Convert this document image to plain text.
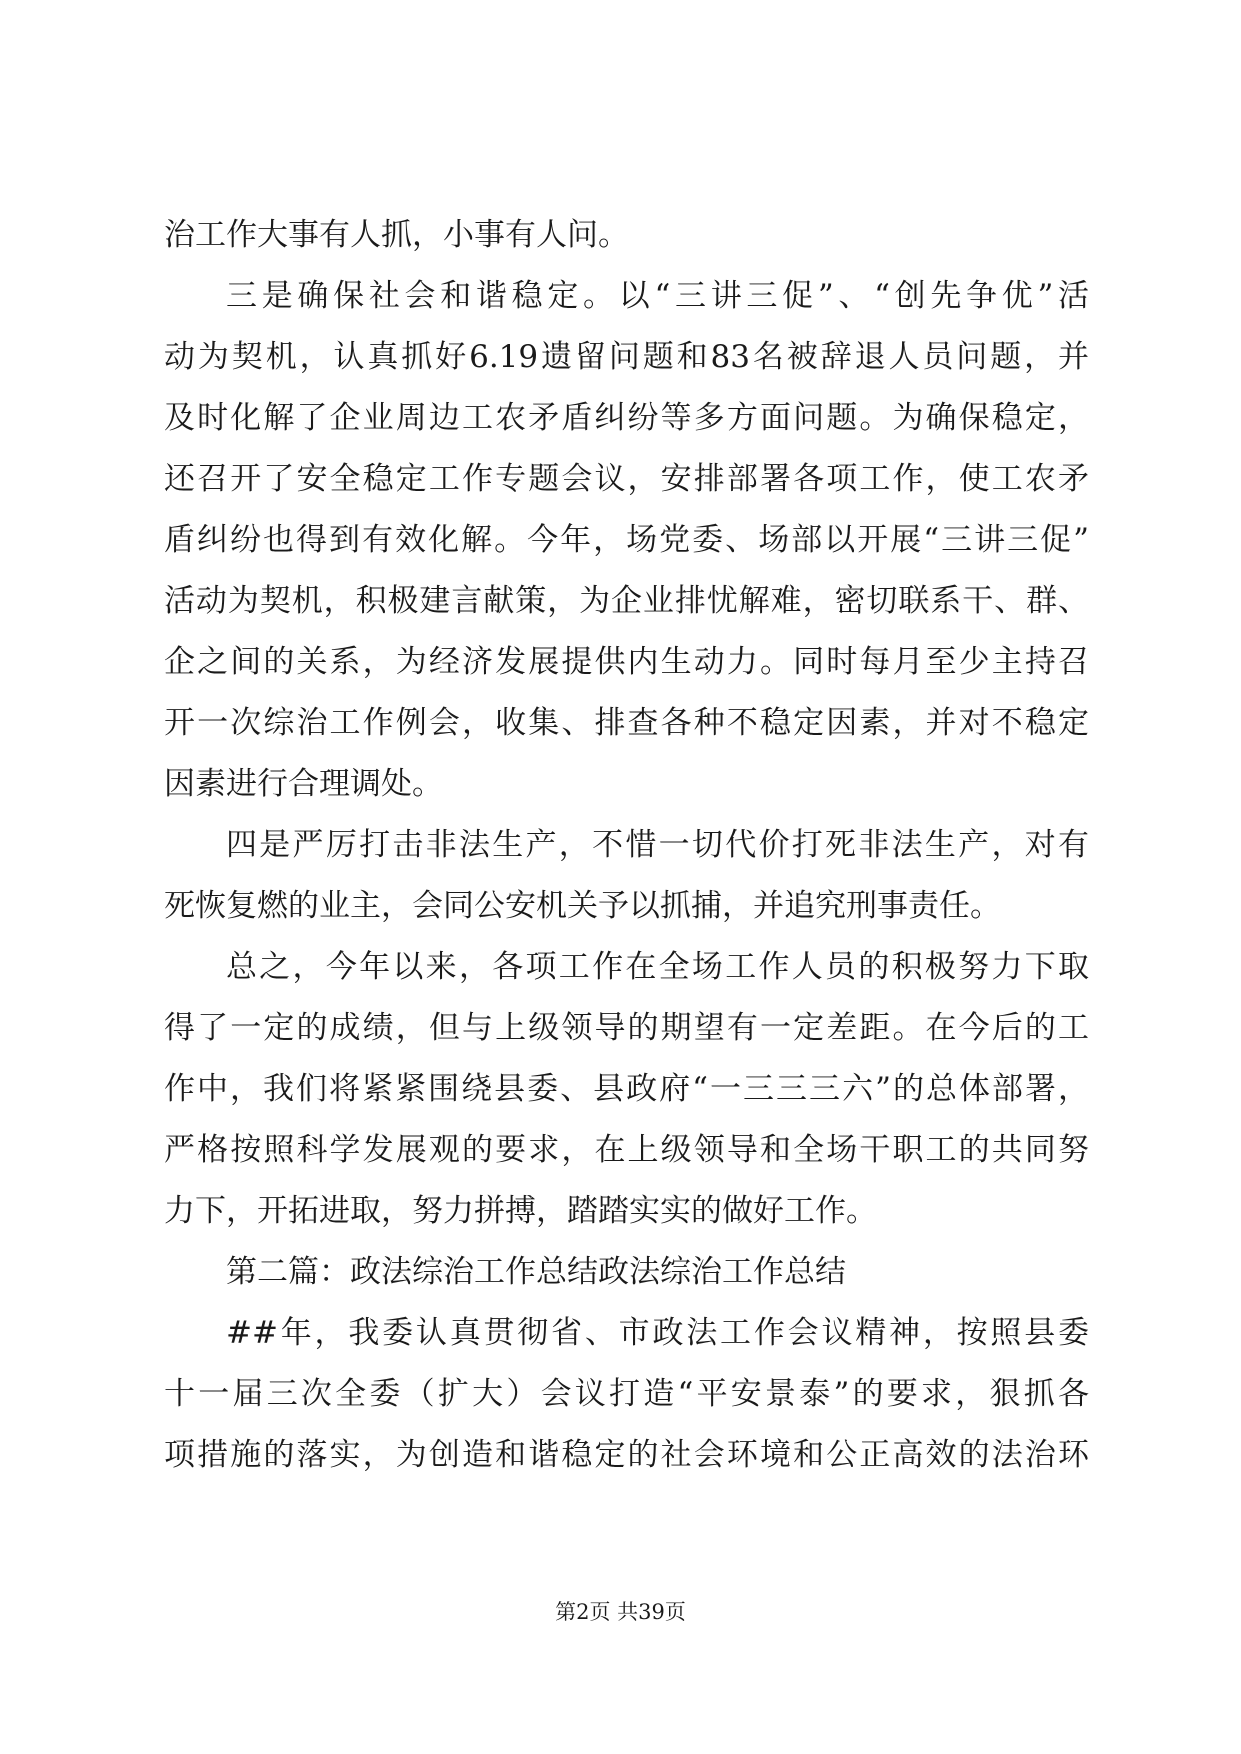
治工作大事有人抓，小事有人问。
三是确保社会和谐稳定。以“三讲三促”、“创先争优”活
动为契机，认真抓好6.19遗留问题和83名被辞退人员问题，并
及时化解了企业周边工农矛盾纠纷等多方面问题。为确保稳定，
还召开了安全稳定工作专题会议，安排部署各项工作，使工农矛
盾纠纷也得到有效化解。今年，场党委、场部以开展“三讲三促”
活动为契机，积极建言献策，为企业排忧解难，密切联系干、群、
企之间的关系，为经济发展提供内生动力。同时每月至少主持召
开一次综治工作例会，收集、排查各种不稳定因素，并对不稳定
因素进行合理调处。
四是严厉打击非法生产，不惜一切代价打死非法生产，对有
死恢复燃的业主，会同公安机关予以抓捕，并追究刑事责任。
总之，今年以来，各项工作在全场工作人员的积极努力下取
得了一定的成绩，但与上级领导的期望有一定差距。在今后的工
作中，我们将紧紧围绕县委、县政府“一三三三六”的总体部署，
严格按照科学发展观的要求，在上级领导和全场干职工的共同努
力下，开拓进取，努力拼搏，踏踏实实的做好工作。
第二篇：政法综治工作总结政法综治工作总结
##年，我委认真贯彻省、市政法工作会议精神，按照县委
十一届三次全委（扩大）会议打造“平安景泰”的要求，狠抓各
项措施的落实，为创造和谐稳定的社会环境和公正高效的法治环
第2页 共39页
